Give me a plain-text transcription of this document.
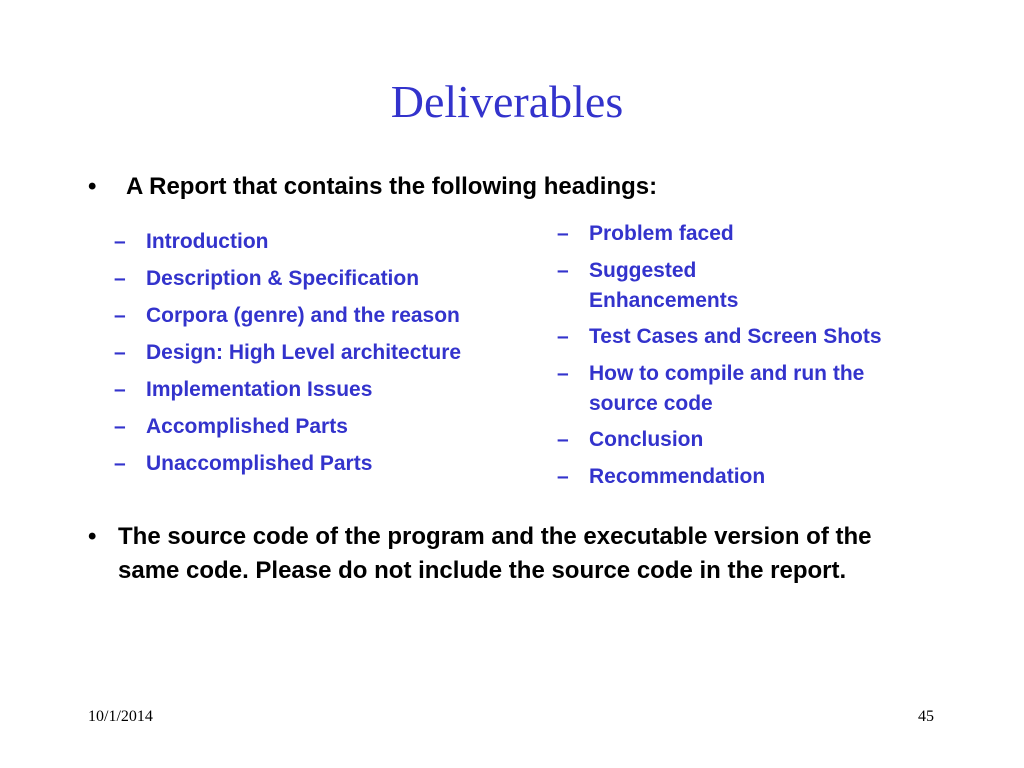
Deliverables
• A Report that contains the following headings:
– Introduction
– Description & Specification
– Corpora (genre) and the reason
– Design: High Level architecture
– Implementation Issues
– Accomplished Parts
– Unaccomplished Parts
– Problem faced
– Suggested Enhancements
– Test Cases and Screen Shots
– How to compile and run the source code
– Conclusion
– Recommendation
• The source code of the program and the executable version of the same code. Please do not include the source code in the report.
10/1/2014	45
